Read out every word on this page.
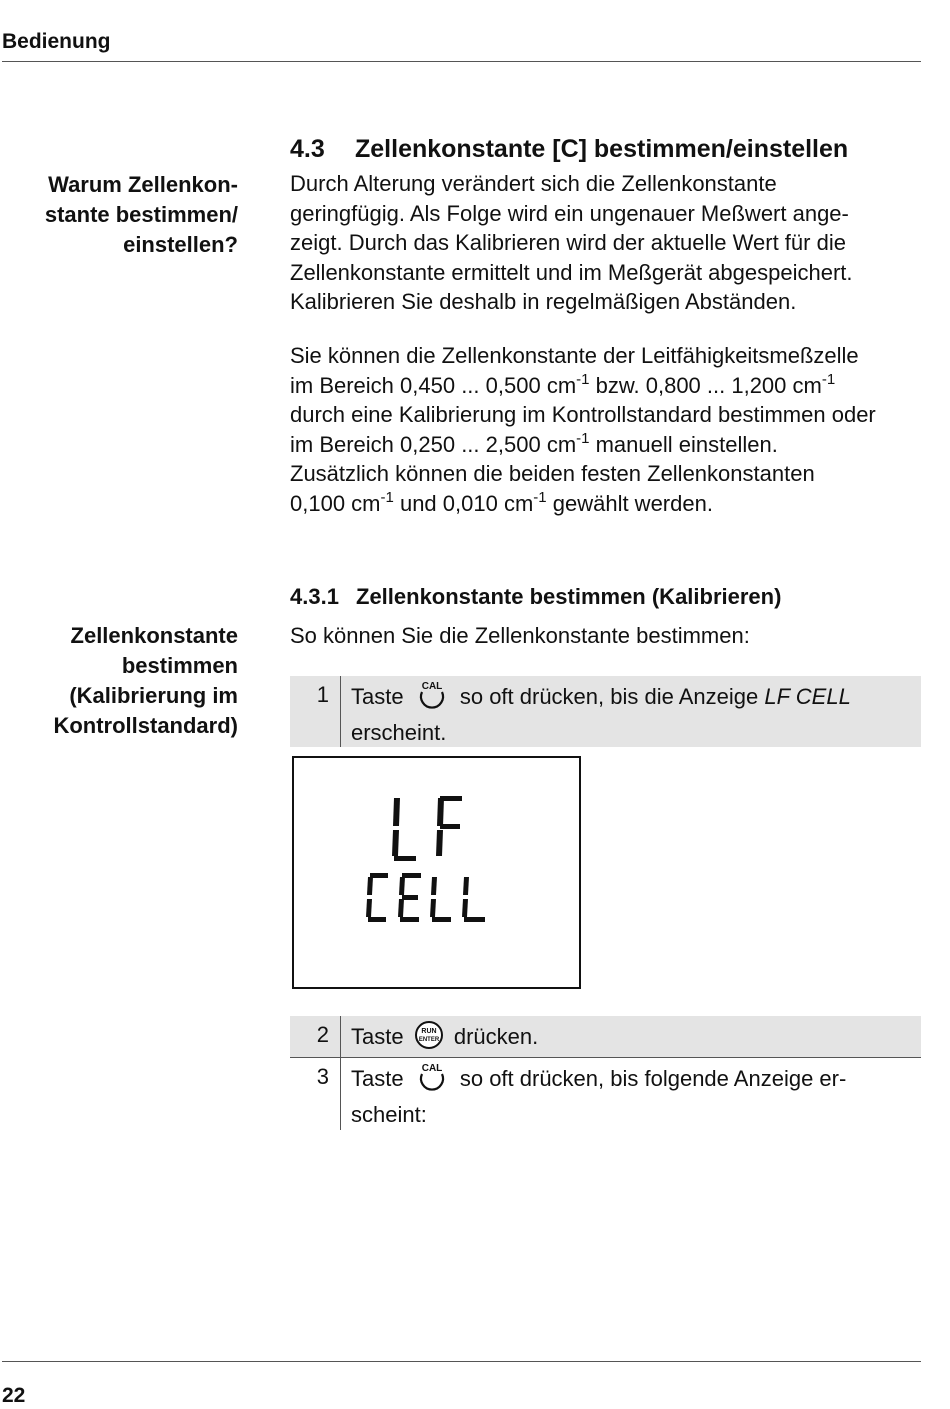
Bedienung
4.3 Zellenkonstante [C] bestimmen/einstellen
Warum Zellenkon-
stante bestimmen/
einstellen?
Durch Alterung verändert sich die Zellenkonstante
geringfügig. Als Folge wird ein ungenauer Meßwert ange-
zeigt. Durch das Kalibrieren wird der aktuelle Wert für die
Zellenkonstante ermittelt und im Meßgerät abgespeichert.
Kalibrieren Sie deshalb in regelmäßigen Abständen.
Sie können die Zellenkonstante der Leitfähigkeitsmeßzelle
im Bereich 0,450 ... 0,500 $cm^{-1}$ bzw. 0,800 ... 1,200 $cm^{-1}$
durch eine Kalibrierung im Kontrollstandard bestimmen oder
im Bereich 0,250 ... 2,500 $cm^{-1}$ manuell einstellen.
Zusätzlich können die beiden festen Zellenkonstanten
0,100 $cm^{-1}$ und 0,010 $cm^{-1}$ gewählt werden.
4.3.1 Zellenkonstante bestimmen (Kalibrieren)
Zellenkonstante
bestimmen
(Kalibrierung im
Kontrollstandard)
So können Sie die Zellenkonstante bestimmen:
1 Taste CAL so oft drücken, bis die Anzeige LF CELL
erscheint.
2 Taste	RUN
ENTER drücken.
3 Taste CAL so oft drücken, bis folgende Anzeige er-
scheint:
22
